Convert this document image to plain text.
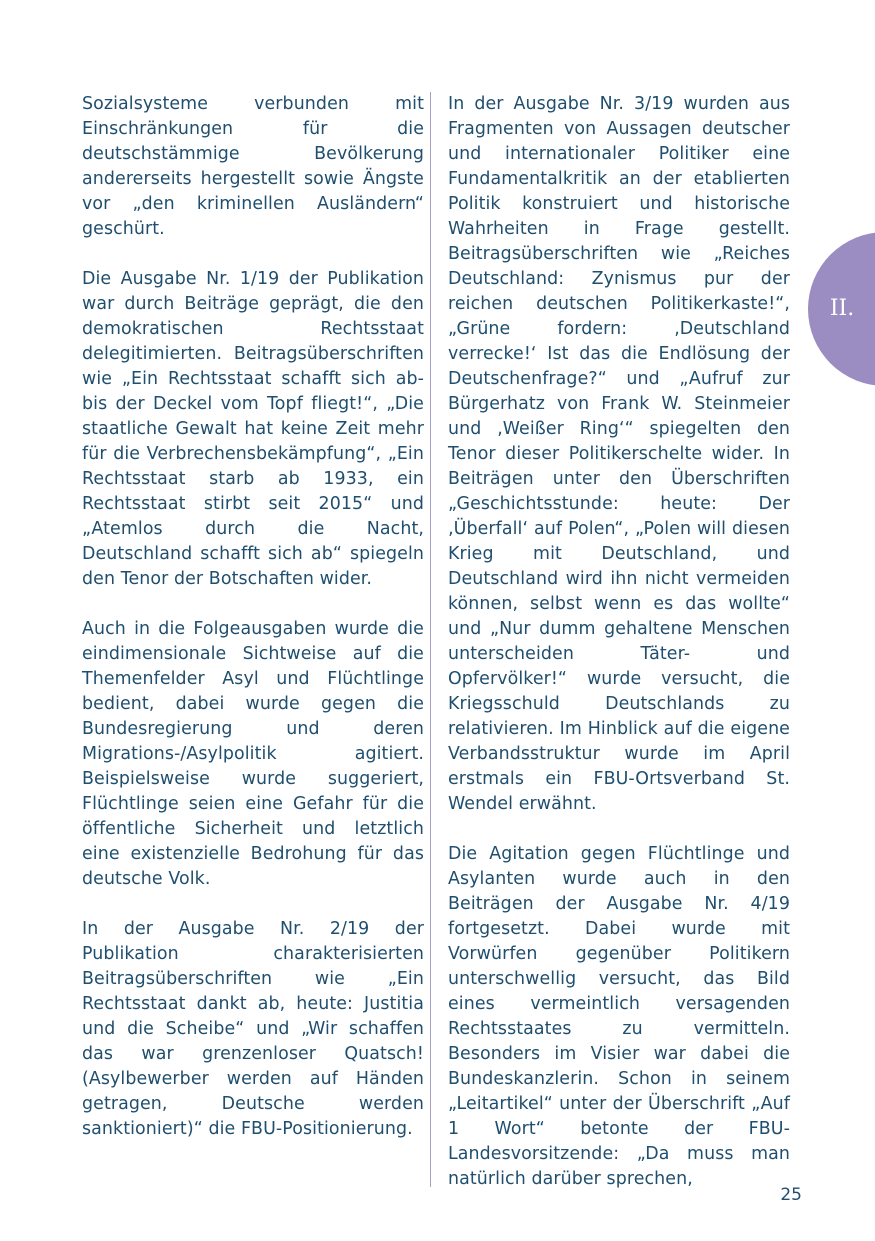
Sozialsysteme verbunden mit Einschränkungen für die deutschstämmige Bevölkerung andererseits hergestellt sowie Ängste vor „den kriminellen Ausländern“ geschürt.

Die Ausgabe Nr. 1/19 der Publikation war durch Beiträge geprägt, die den demokratischen Rechtsstaat delegitimierten. Beitragsüberschriften wie „Ein Rechtsstaat schafft sich ab-bis der Deckel vom Topf fliegt!“, „Die staatliche Gewalt hat keine Zeit mehr für die Verbrechensbekämpfung“, „Ein Rechtsstaat starb ab 1933, ein Rechtsstaat stirbt seit 2015“ und „Atemlos durch die Nacht, Deutschland schafft sich ab“ spiegeln den Tenor der Botschaften wider.

Auch in die Folgeausgaben wurde die eindimensionale Sichtweise auf die Themenfelder Asyl und Flüchtlinge bedient, dabei wurde gegen die Bundesregierung und deren Migrations-/Asylpolitik agitiert. Beispielsweise wurde suggeriert, Flüchtlinge seien eine Gefahr für die öffentliche Sicherheit und letztlich eine existenzielle Bedrohung für das deutsche Volk.

In der Ausgabe Nr. 2/19 der Publikation charakterisierten Beitragsüberschriften wie „Ein Rechtsstaat dankt ab, heute: Justitia und die Scheibe“ und „Wir schaffen das war grenzenloser Quatsch! (Asylbewerber werden auf Händen getragen, Deutsche werden sanktioniert)“ die FBU-Positionierung.

In der Ausgabe Nr. 3/19 wurden aus Fragmenten von Aussagen deutscher und internationaler Politiker eine Fundamentalkritik an der etablierten Politik konstruiert und historische Wahrheiten in Frage gestellt. Beitragsüberschriften wie „Reiches Deutschland: Zynismus pur der reichen deutschen Politikerkaste!“, „Grüne fordern: ‚Deutschland verrecke!‘ Ist das die Endlösung der Deutschenfrage?“ und „Aufruf zur Bürgerhatz von Frank W. Steinmeier und ‚Weißer Ring‘“ spiegelten den Tenor dieser Politikerschelte wider. In Beiträgen unter den Überschriften „Geschichtsstunde: heute: Der ‚Überfall‘ auf Polen“, „Polen will diesen Krieg mit Deutschland, und Deutschland wird ihn nicht vermeiden können, selbst wenn es das wollte“ und „Nur dumm gehaltene Menschen unterscheiden Täter- und Opfervölker!“ wurde versucht, die Kriegsschuld Deutschlands zu relativieren. Im Hinblick auf die eigene Verbandsstruktur wurde im April erstmals ein FBU-Ortsverband St. Wendel erwähnt.

Die Agitation gegen Flüchtlinge und Asylanten wurde auch in den Beiträgen der Ausgabe Nr. 4/19 fortgesetzt. Dabei wurde mit Vorwürfen gegenüber Politikern unterschwellig versucht, das Bild eines vermeintlich versagenden Rechtsstaates zu vermitteln. Besonders im Visier war dabei die Bundeskanzlerin. Schon in seinem „Leitartikel“ unter der Überschrift „Auf 1 Wort“ betonte der FBU-Landesvorsitzende: „Da muss man natürlich darüber sprechen,

II.
25
